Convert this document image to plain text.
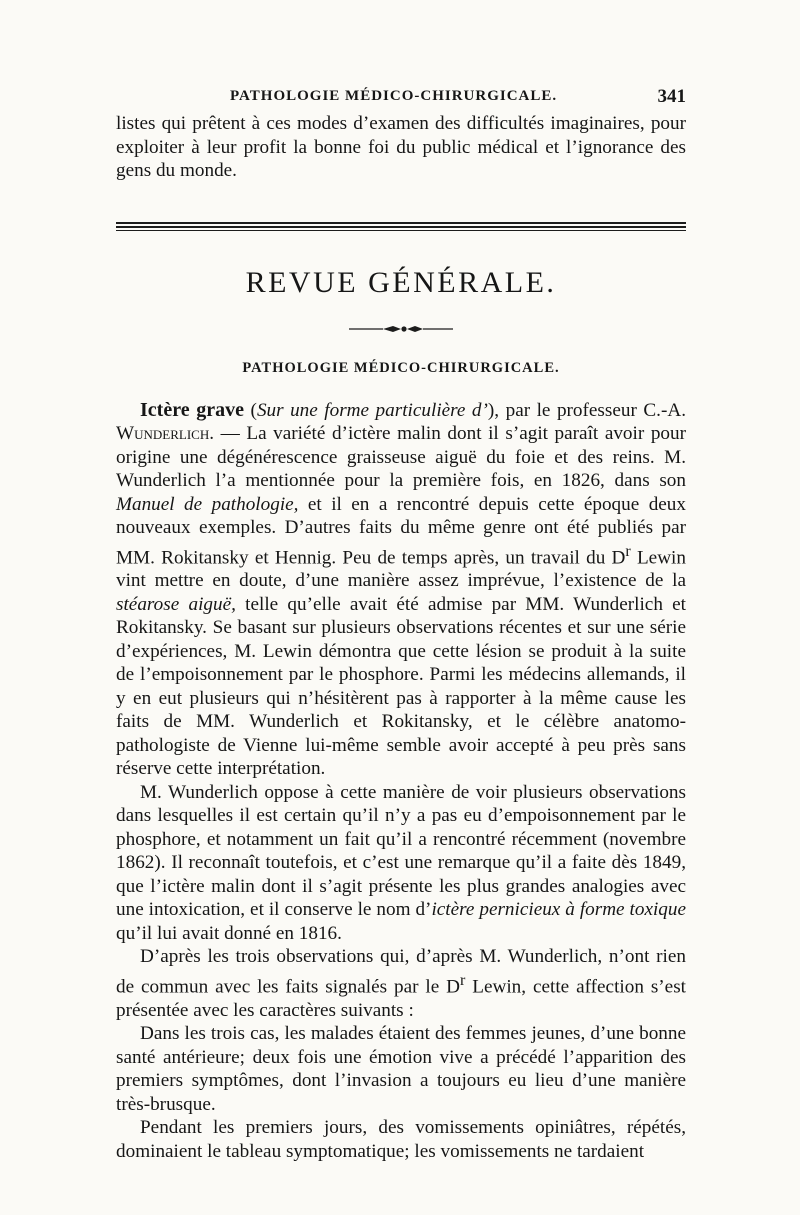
PATHOLOGIE MÉDICO-CHIRURGICALE.	341

listes qui prêtent à ces modes d’examen des difficultés imaginaires, pour exploiter à leur profit la bonne foi du public médical et l’ignorance des gens du monde.

REVUE GÉNÉRALE.
PATHOLOGIE MÉDICO-CHIRURGICALE.

Ictère grave (Sur une forme particulière d’), par le professeur C.-A. Wunderlich. — La variété d’ictère malin dont il s’agit paraît avoir pour origine une dégénérescence graisseuse aiguë du foie et des reins. M. Wunderlich l’a mentionnée pour la première fois, en 1826, dans son Manuel de pathologie, et il en a rencontré depuis cette époque deux nouveaux exemples. D’autres faits du même genre ont été publiés par MM. Rokitansky et Hennig. Peu de temps après, un travail du $D^r$ Lewin vint mettre en doute, d’une manière assez imprévue, l’existence de la stéarose aiguë, telle qu’elle avait été admise par MM. Wunderlich et Rokitansky. Se basant sur plusieurs observations récentes et sur une série d’expériences, M. Lewin démontra que cette lésion se produit à la suite de l’empoisonnement par le phosphore. Parmi les médecins allemands, il y en eut plusieurs qui n’hésitèrent pas à rapporter à la même cause les faits de MM. Wunderlich et Rokitansky, et le célèbre anatomo-pathologiste de Vienne lui-même semble avoir accepté à peu près sans réserve cette interprétation.

M. Wunderlich oppose à cette manière de voir plusieurs observations dans lesquelles il est certain qu’il n’y a pas eu d’empoisonnement par le phosphore, et notamment un fait qu’il a rencontré récemment (novembre 1862). Il reconnaît toutefois, et c’est une remarque qu’il a faite dès 1849, que l’ictère malin dont il s’agit présente les plus grandes analogies avec une intoxication, et il conserve le nom d’ictère pernicieux à forme toxique qu’il lui avait donné en 1816.

D’après les trois observations qui, d’après M. Wunderlich, n’ont rien de commun avec les faits signalés par le $D^r$ Lewin, cette affection s’est présentée avec les caractères suivants :

Dans les trois cas, les malades étaient des femmes jeunes, d’une bonne santé antérieure; deux fois une émotion vive a précédé l’apparition des premiers symptômes, dont l’invasion a toujours eu lieu d’une manière très-brusque.

Pendant les premiers jours, des vomissements opiniâtres, répétés, dominaient le tableau symptomatique; les vomissements ne tardaient
